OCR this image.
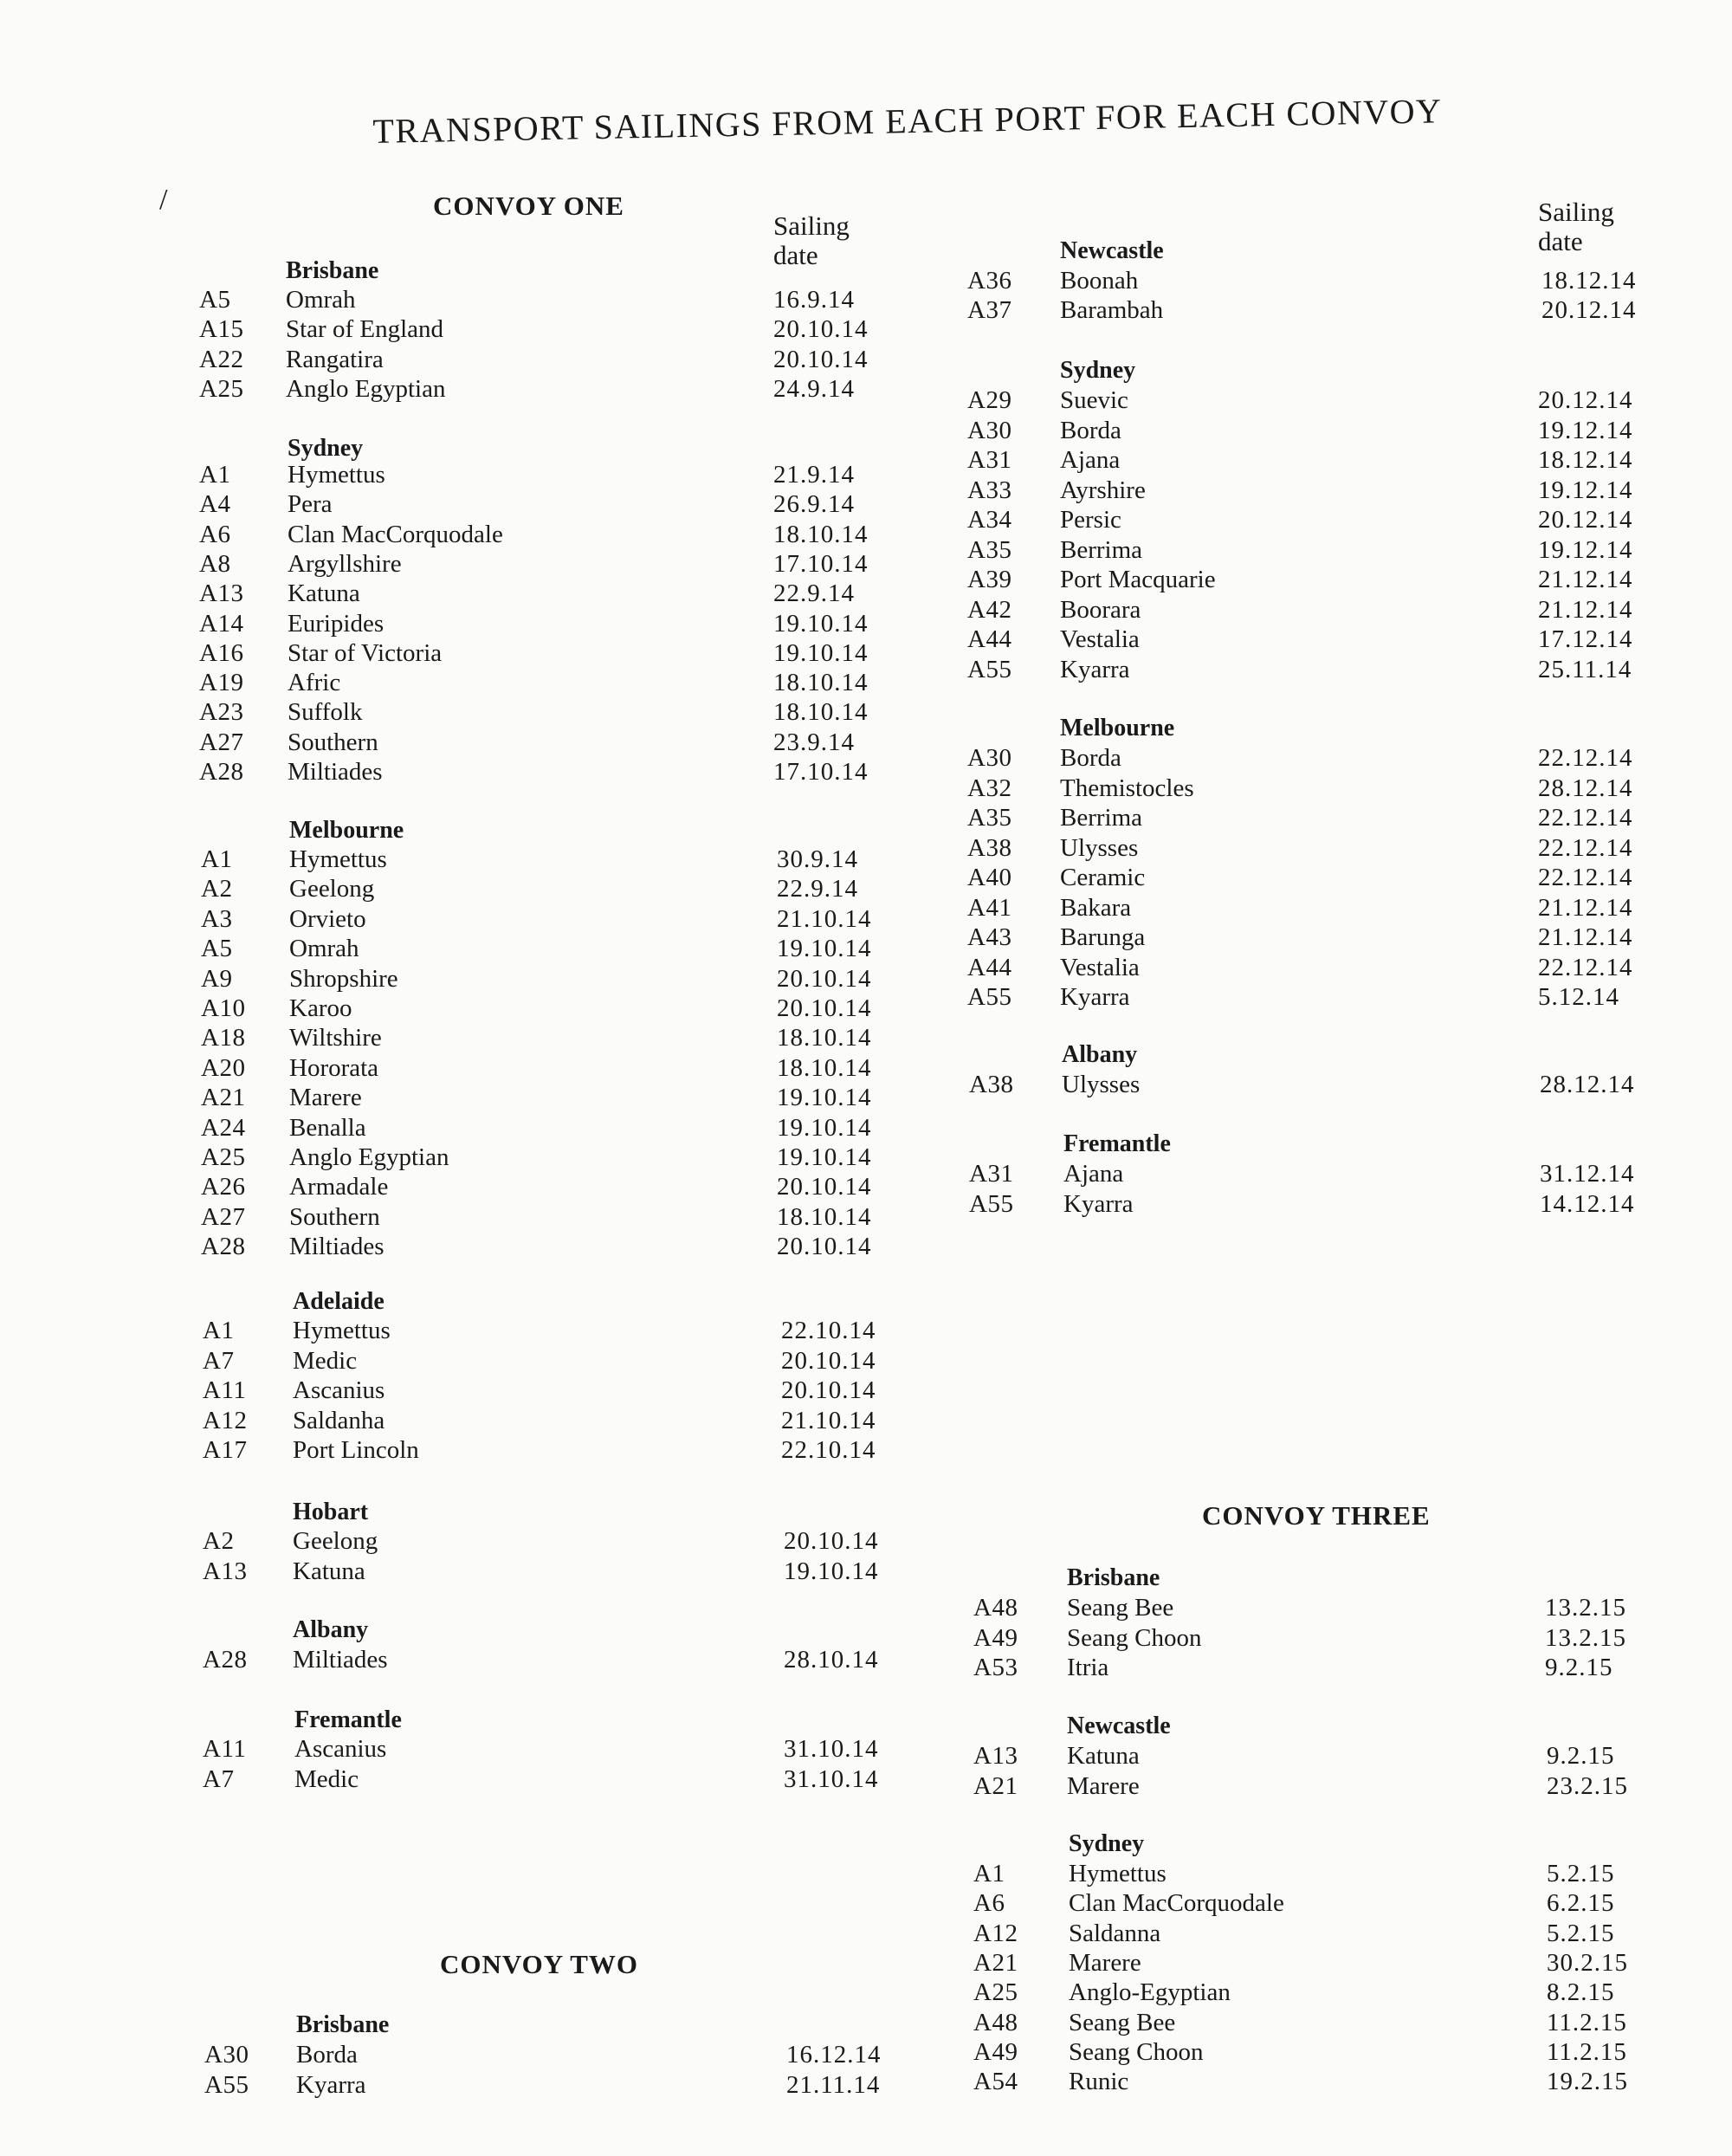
TRANSPORT SAILINGS FROM EACH PORT FOR EACH CONVOY
/	CONVOY ONE
Sailing date
Sailing date
CONVOY TWO
CONVOY THREE
Brisbane
A5 Omrah	16.9.14
A15 Star of England	20.10.14
A22 Rangatira	20.10.14
A25 Anglo Egyptian	24.9.14
Sydney
A1 Hymettus	21.9.14
A4 Pera	26.9.14
A6 Clan MacCorquodale	18.10.14
A8 Argyllshire	17.10.14
A13 Katuna	22.9.14
A14 Euripides	19.10.14
A16 Star of Victoria	19.10.14
A19 Afric	18.10.14
A23 Suffolk	18.10.14
A27 Southern	23.9.14
A28 Miltiades	17.10.14
Melbourne
A1 Hymettus	30.9.14
A2 Geelong	22.9.14
A3 Orvieto	21.10.14
A5 Omrah	19.10.14
A9 Shropshire	20.10.14
A10 Karoo	20.10.14
A18 Wiltshire	18.10.14
A20 Hororata	18.10.14
A21 Marere	19.10.14
A24 Benalla	19.10.14
A25 Anglo Egyptian	19.10.14
A26 Armadale	20.10.14
A27 Southern	18.10.14
A28 Miltiades	20.10.14
Adelaide
A1 Hymettus	22.10.14
A7 Medic	20.10.14
A11 Ascanius	20.10.14
A12 Saldanha	21.10.14
A17 Port Lincoln	22.10.14
Hobart
A2 Geelong	20.10.14
A13 Katuna	19.10.14
Albany
A28 Miltiades	28.10.14
Fremantle
A11 Ascanius	31.10.14
A7 Medic	31.10.14
Brisbane
A30 Borda	16.12.14
A55 Kyarra	21.11.14
Newcastle
A36 Boonah	18.12.14
A37 Barambah	20.12.14
Sydney
A29 Suevic	20.12.14
A30 Borda	19.12.14
A31 Ajana	18.12.14
A33 Ayrshire	19.12.14
A34 Persic	20.12.14
A35 Berrima	19.12.14
A39 Port Macquarie	21.12.14
A42 Boorara	21.12.14
A44 Vestalia	17.12.14
A55 Kyarra	25.11.14
Melbourne
A30 Borda	22.12.14
A32 Themistocles	28.12.14
A35 Berrima	22.12.14
A38 Ulysses	22.12.14
A40 Ceramic	22.12.14
A41 Bakara	21.12.14
A43 Barunga	21.12.14
A44 Vestalia	22.12.14
A55 Kyarra	5.12.14
Albany
A38 Ulysses	28.12.14
Fremantle
A31 Ajana	31.12.14
A55 Kyarra	14.12.14
Brisbane
A48 Seang Bee	13.2.15
A49 Seang Choon	13.2.15
A53 Itria	9.2.15
Newcastle
A13 Katuna	9.2.15
A21 Marere	23.2.15
Sydney
A1	Hymettus	5.2.15
A6	Clan MacCorquodale	6.2.15
A12 Saldanna	5.2.15
A21 Marere	30.2.15
A25 Anglo-Egyptian	8.2.15
A48 Seang Bee	11.2.15
A49 Seang Choon	11.2.15
A54 Runic	19.2.15
